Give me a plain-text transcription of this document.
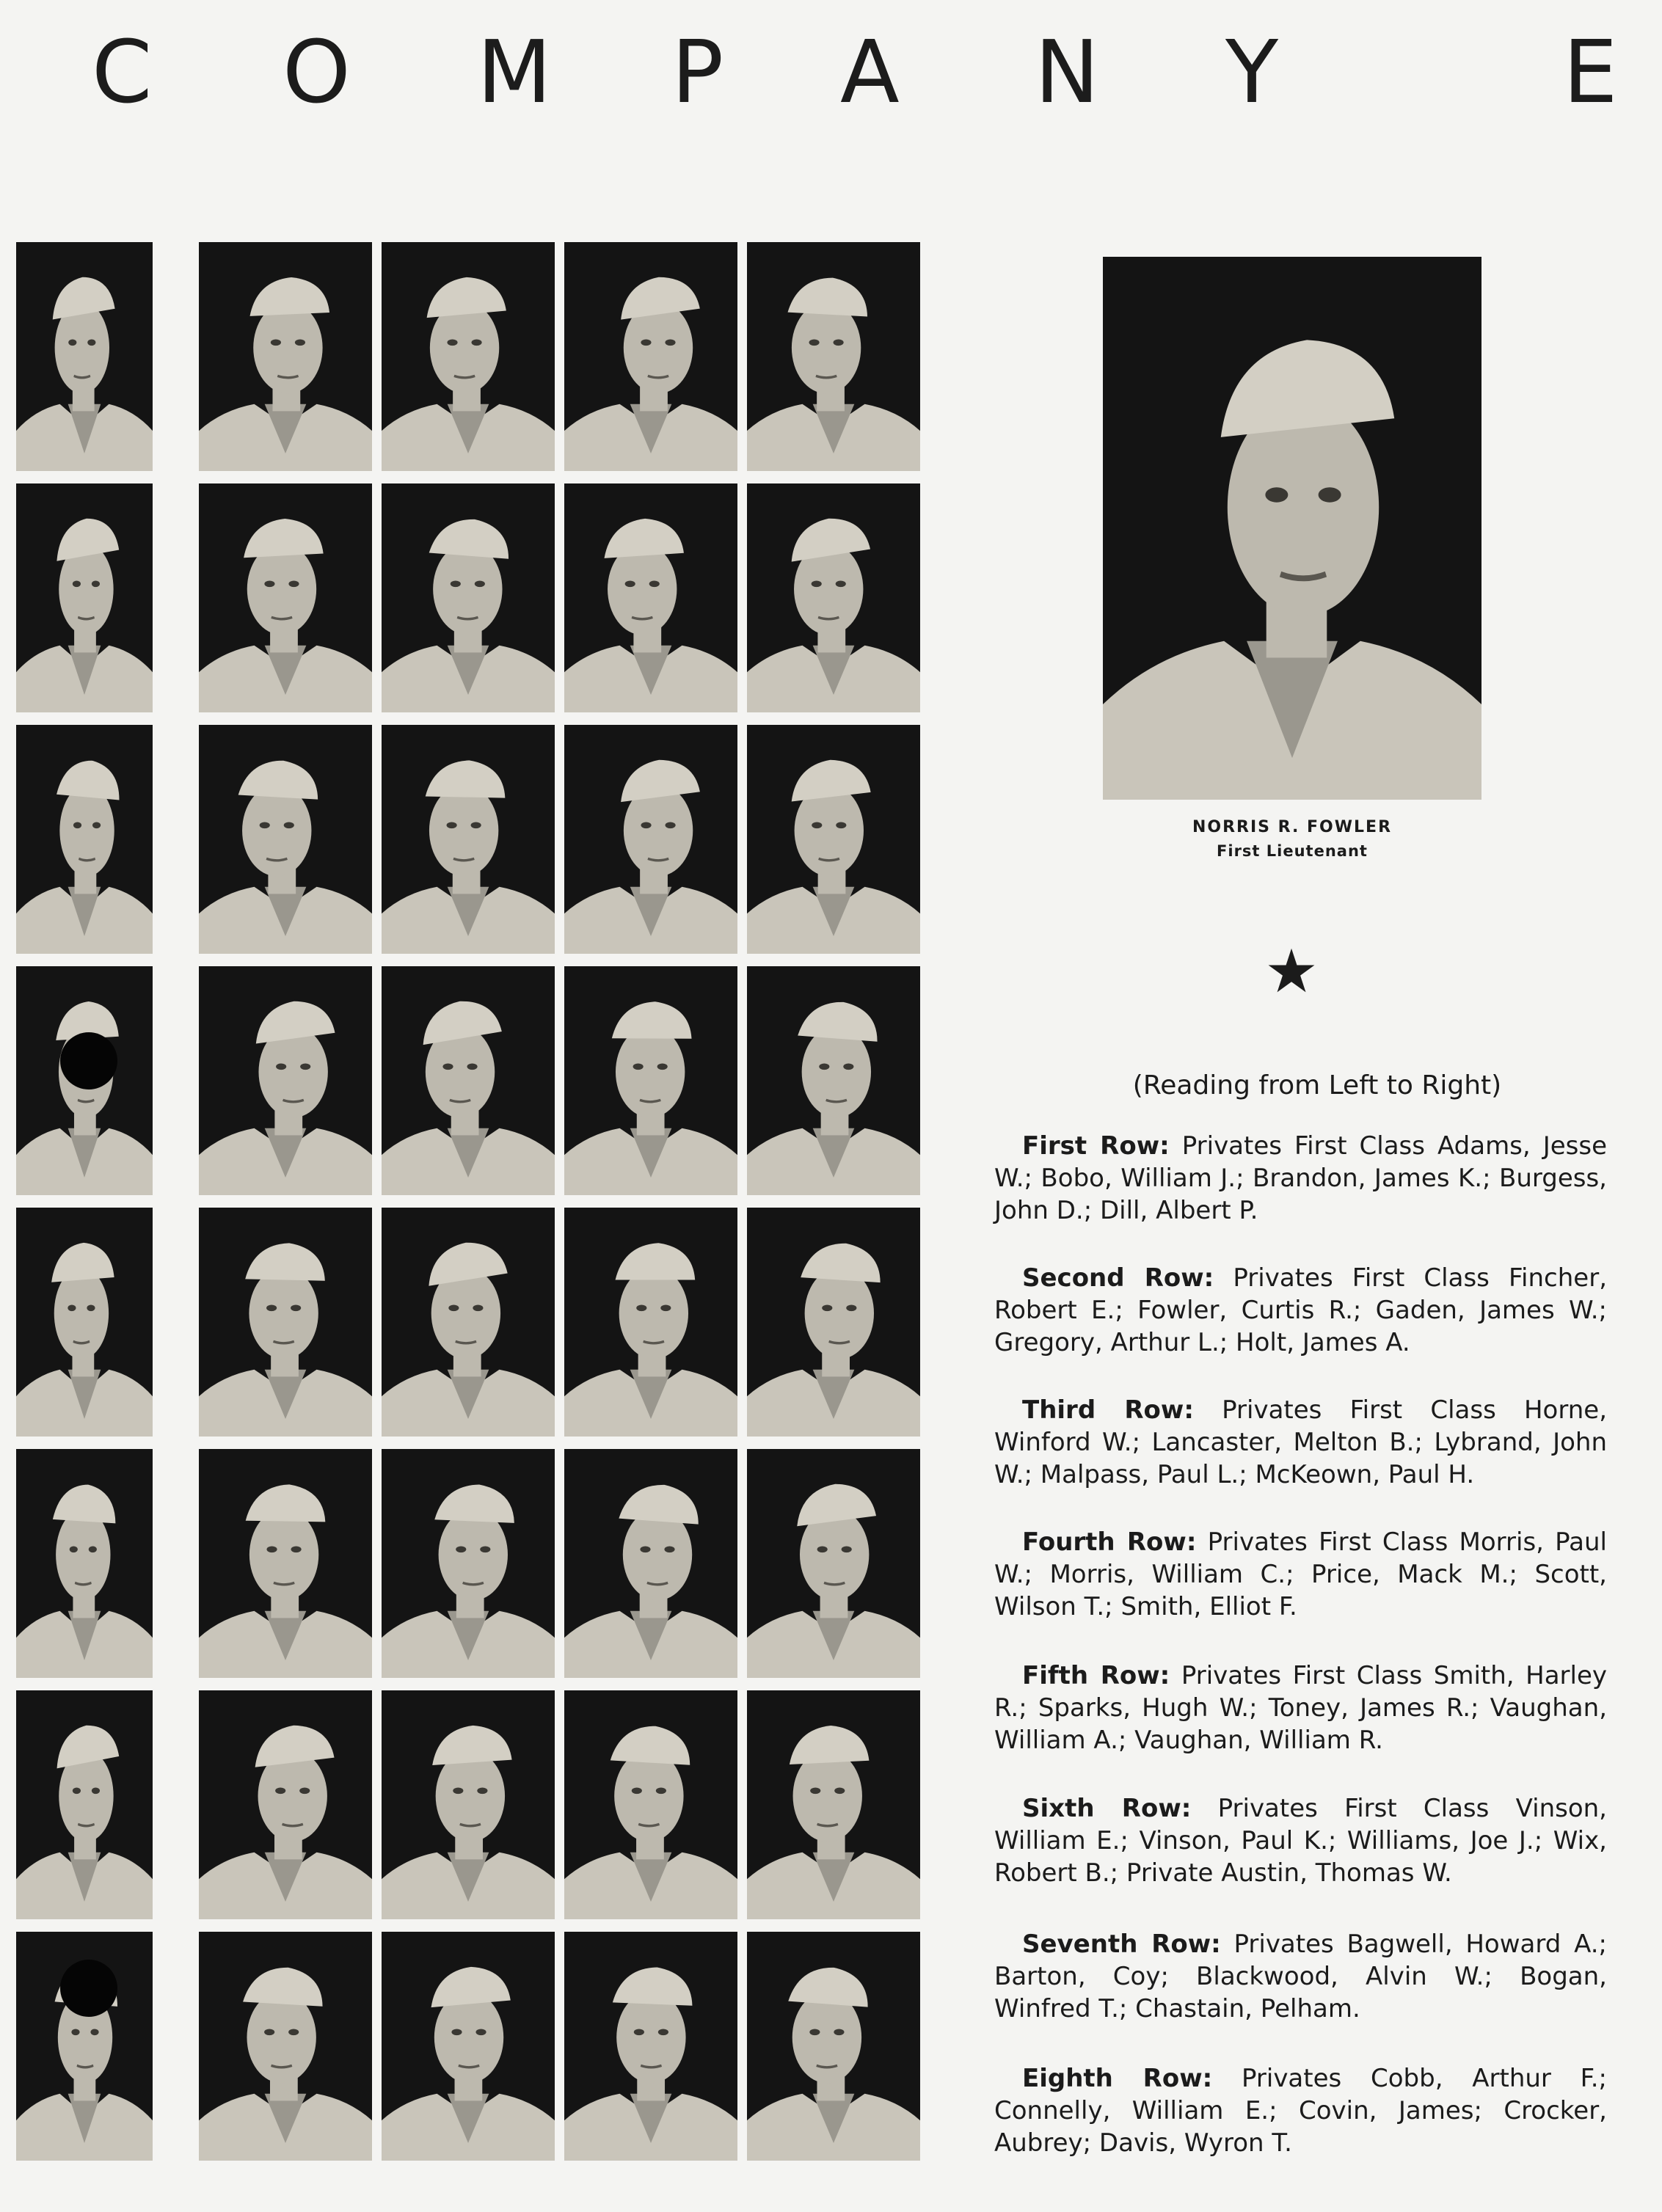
C O M P A N Y	E
NORRIS R. FOWLER
First Lieutenant
★
(Reading from Left to Right)
First Row: Privates First Class Adams, Jesse W.; Bobo, William J.; Brandon, James K.; Burgess, John D.; Dill, Albert P.
Second Row: Privates First Class Fincher, Robert E.; Fowler, Curtis R.; Gaden, James W.; Gregory, Arthur L.; Holt, James A.
Third Row: Privates First Class Horne, Winford W.; Lancaster, Melton B.; Lybrand, John W.; Malpass, Paul L.; McKeown, Paul H.
Fourth Row: Privates First Class Morris, Paul W.; Morris, William C.; Price, Mack M.; Scott, Wilson T.; Smith, Elliot F.
Fifth Row: Privates First Class Smith, Harley R.; Sparks, Hugh W.; Toney, James R.; Vaughan, William A.; Vaughan, William R.
Sixth Row: Privates First Class Vinson, William E.; Vinson, Paul K.; Williams, Joe J.; Wix, Robert B.; Private Austin, Thomas W.
Seventh Row: Privates Bagwell, Howard A.; Barton, Coy; Blackwood, Alvin W.; Bogan, Winfred T.; Chastain, Pelham.
Eighth Row: Privates Cobb, Arthur F.; Connelly, William E.; Covin, James; Crocker, Aubrey; Davis, Wyron T.
